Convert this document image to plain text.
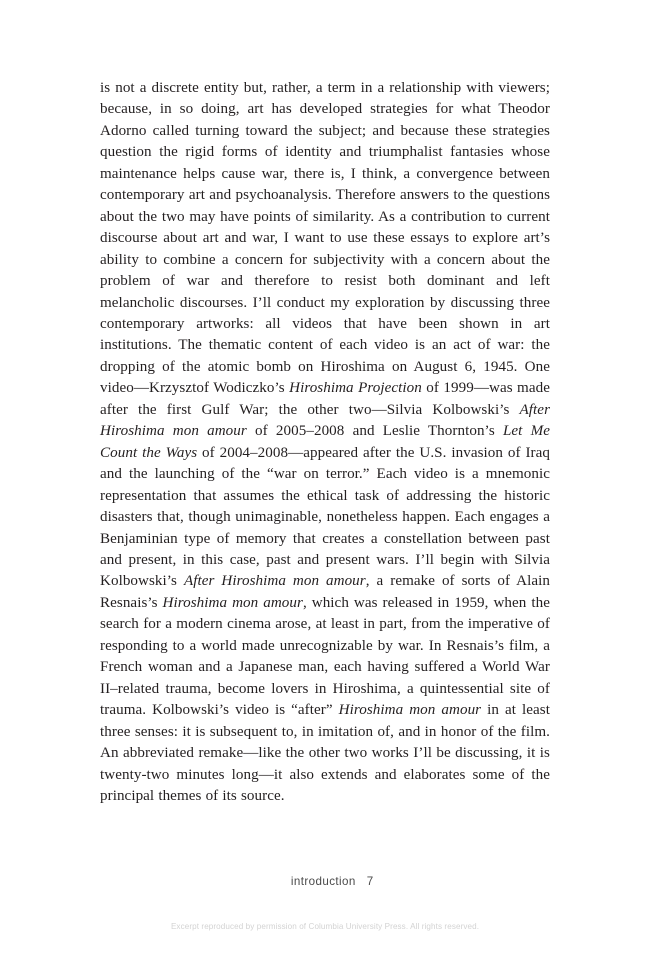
is not a discrete entity but, rather, a term in a relationship with viewers; because, in so doing, art has developed strategies for what Theodor Adorno called turning toward the subject; and because these strategies question the rigid forms of identity and triumphalist fantasies whose maintenance helps cause war, there is, I think, a convergence between contemporary art and psychoanalysis. Therefore answers to the questions about the two may have points of similarity. As a contribution to current discourse about art and war, I want to use these essays to explore art’s ability to combine a concern for subjectivity with a concern about the problem of war and therefore to resist both dominant and left melancholic discourses. I’ll conduct my exploration by discussing three contemporary artworks: all videos that have been shown in art institutions. The thematic content of each video is an act of war: the dropping of the atomic bomb on Hiroshima on August 6, 1945. One video—Krzysztof Wodiczko’s Hiroshima Projection of 1999—was made after the first Gulf War; the other two—Silvia Kolbowski’s After Hiroshima mon amour of 2005–2008 and Leslie Thornton’s Let Me Count the Ways of 2004–2008—appeared after the U.S. invasion of Iraq and the launching of the “war on terror.” Each video is a mnemonic representation that assumes the ethical task of addressing the historic disasters that, though unimaginable, nonetheless happen. Each engages a Benjaminian type of memory that creates a constellation between past and present, in this case, past and present wars. I’ll begin with Silvia Kolbowski’s After Hiroshima mon amour, a remake of sorts of Alain Resnais’s Hiroshima mon amour, which was released in 1959, when the search for a modern cinema arose, at least in part, from the imperative of responding to a world made unrecognizable by war. In Resnais’s film, a French woman and a Japanese man, each having suffered a World War II–related trauma, become lovers in Hiroshima, a quintessential site of trauma. Kolbowski’s video is “after” Hiroshima mon amour in at least three senses: it is subsequent to, in imitation of, and in honor of the film. An abbreviated remake—like the other two works I’ll be discussing, it is twenty-two minutes long—it also extends and elaborates some of the principal themes of its source.

introduction 7

Excerpt reproduced by permission of Columbia University Press. All rights reserved.
